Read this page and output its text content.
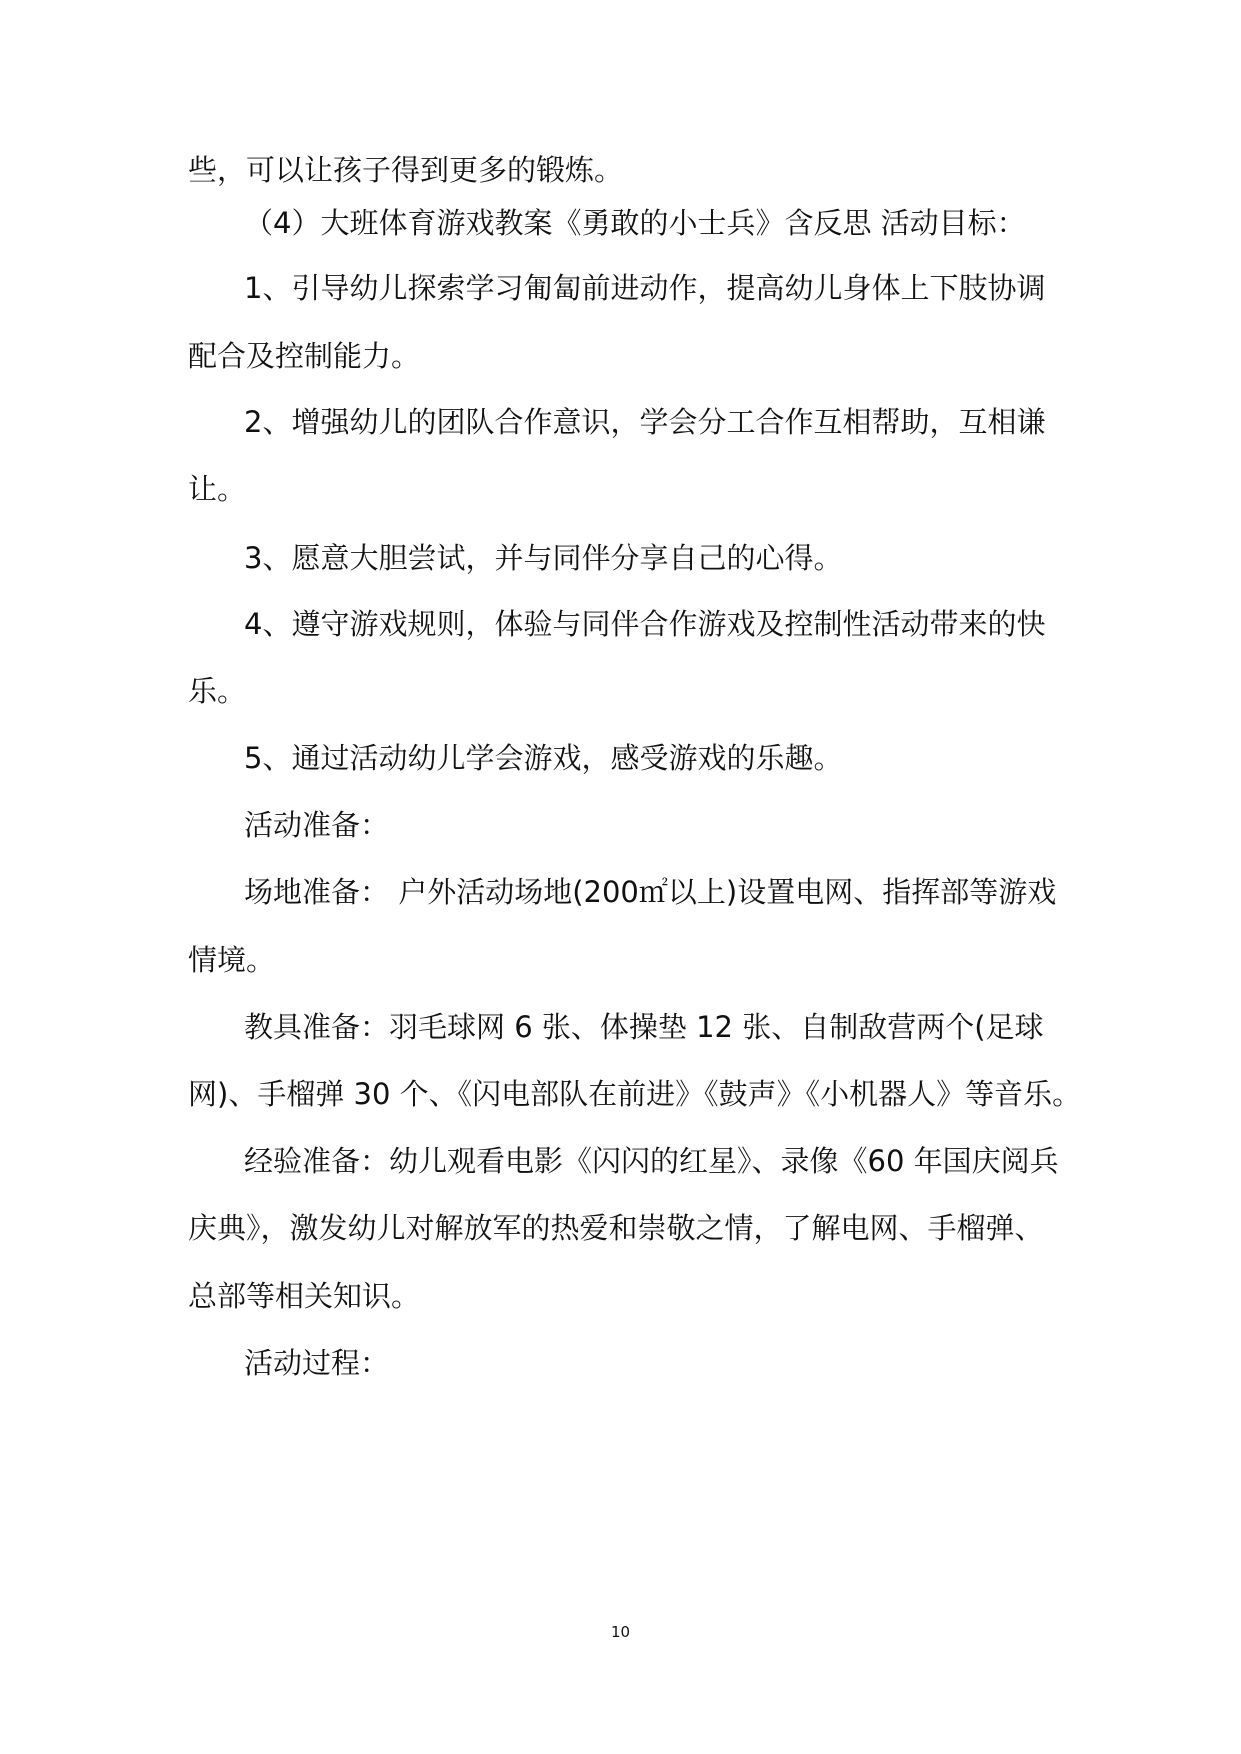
些，可以让孩子得到更多的锻炼。
（4）大班体育游戏教案《勇敢的小士兵》含反思 活动目标：
1、引导幼儿探索学习匍匐前进动作，提高幼儿身体上下肢协调
配合及控制能力。
2、增强幼儿的团队合作意识，学会分工合作互相帮助，互相谦
让。
3、愿意大胆尝试，并与同伴分享自己的心得。
4、遵守游戏规则，体验与同伴合作游戏及控制性活动带来的快
乐。
5、通过活动幼儿学会游戏，感受游戏的乐趣。
活动准备：
场地准备： 户外活动场地(200㎡以上)设置电网、指挥部等游戏
情境。
教具准备：羽毛球网 6 张、体操垫 12 张、自制敌营两个(足球
网)、手榴弹 30 个、《闪电部队在前进》《鼓声》《小机器人》等音乐。
经验准备：幼儿观看电影《闪闪的红星》、录像《60 年国庆阅兵
庆典》，激发幼儿对解放军的热爱和崇敬之情，了解电网、手榴弹、
总部等相关知识。
活动过程：
10
